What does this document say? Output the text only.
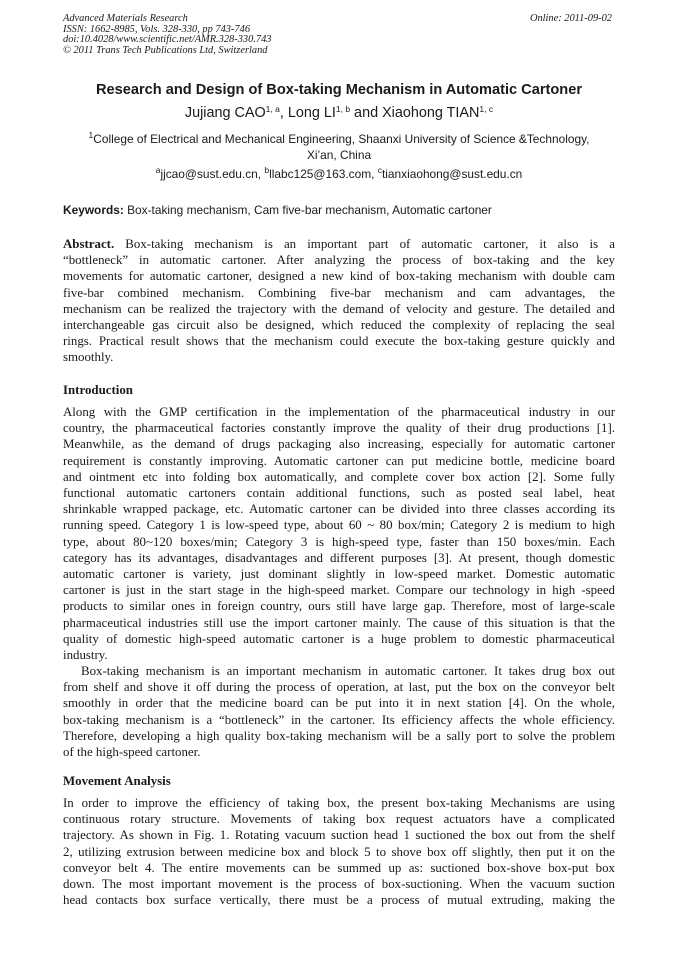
Advanced Materials Research
ISSN: 1662-8985, Vols. 328-330, pp 743-746
doi:10.4028/www.scientific.net/AMR.328-330.743
© 2011 Trans Tech Publications Ltd, Switzerland
Online: 2011-09-02
Research and Design of Box-taking Mechanism in Automatic Cartoner
Jujiang CAO$^{1, a}$, Long LI$^{1, b}$ and Xiaohong TIAN$^{1, c}$
$^1$College of Electrical and Mechanical Engineering, Shaanxi University of Science &Technology,
Xi’an, China
$^a$jjcao@sust.edu.cn, $^b$llabc125@163.com, $^c$tianxiaohong@sust.edu.cn
Keywords: Box-taking mechanism, Cam five-bar mechanism, Automatic cartoner
Abstract. Box-taking mechanism is an important part of automatic cartoner, it also is a
“bottleneck” in automatic cartoner. After analyzing the process of box-taking and the key
movements for automatic cartoner, designed a new kind of box-taking mechanism with double cam
five-bar combined mechanism. Combining five-bar mechanism and cam advantages, the
mechanism can be realized the trajectory with the demand of velocity and gesture. The detailed and
interchangeable gas circuit also be designed, which reduced the complexity of replacing the seal
rings. Practical result shows that the mechanism could execute the box-taking gesture quickly and
smoothly.
Introduction
Along with the GMP certification in the implementation of the pharmaceutical industry in our
country, the pharmaceutical factories constantly improve the quality of their drug productions [1].
Meanwhile, as the demand of drugs packaging also increasing, especially for automatic cartoner
requirement is constantly improving. Automatic cartoner can put medicine bottle, medicine board
and ointment etc into folding box automatically, and complete cover box action [2]. Some fully
functional automatic cartoners contain additional functions, such as posted seal label, heat
shrinkable wrapped package, etc. Automatic cartoner can be divided into three classes according its
running speed. Category 1 is low-speed type, about 60 ~ 80 box/min; Category 2 is medium to high
type, about 80~120 boxes/min; Category 3 is high-speed type, faster than 150 boxes/min. Each
category has its advantages, disadvantages and different purposes [3]. At present, though domestic
automatic cartoner is variety, just dominant slightly in low-speed market. Domestic automatic
cartoner is just in the start stage in the high-speed market. Compare our technology in high -speed
products to similar ones in foreign country, ours still have large gap. Therefore, most of large-scale
pharmaceutical industries still use the import cartoner mainly. The cause of this situation is that the
quality of domestic high-speed automatic cartoner is a huge problem to domestic pharmaceutical
industry.
Box-taking mechanism is an important mechanism in automatic cartoner. It takes drug box out
from shelf and shove it off during the process of operation, at last, put the box on the conveyor belt
smoothly in order that the medicine board can be put into it in next station [4]. On the whole,
box-taking mechanism is a “bottleneck” in the cartoner. Its efficiency affects the whole efficiency.
Therefore, developing a high quality box-taking mechanism will be a sally port to solve the problem
of the high-speed cartoner.
Movement Analysis
In order to improve the efficiency of taking box, the present box-taking Mechanisms are using
continuous rotary structure. Movements of taking box request actuators have a complicated
trajectory. As shown in Fig. 1. Rotating vacuum suction head 1 suctioned the box out from the shelf
2, utilizing extrusion between medicine box and block 5 to shove box off slightly, then put it on the
conveyor belt 4. The entire movements can be summed up as: suctioned box-shove box-put box
down. The most important movement is the process of box-suctioning. When the vacuum suction
head contacts box surface vertically, there must be a process of mutual extruding, making the
